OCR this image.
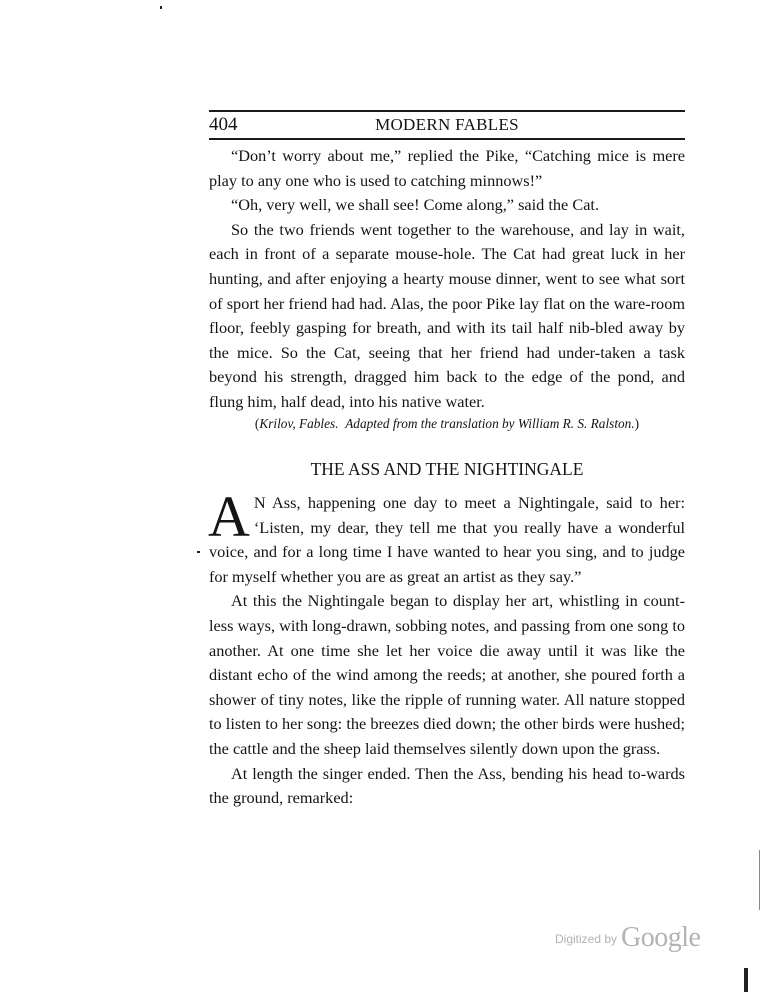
404	MODERN FABLES

“Don’t worry about me,” replied the Pike, “Catching mice is mere play to any one who is used to catching minnows!”

“Oh, very well, we shall see! Come along,” said the Cat.

So the two friends went together to the warehouse, and lay in wait, each in front of a separate mouse-hole. The Cat had great luck in her hunting, and after enjoying a hearty mouse dinner, went to see what sort of sport her friend had had. Alas, the poor Pike lay flat on the ware-room floor, feebly gasping for breath, and with its tail half nib-bled away by the mice. So the Cat, seeing that her friend had under-taken a task beyond his strength, dragged him back to the edge of the pond, and flung him, half dead, into his native water.

(Krilov, Fables. Adapted from the translation by William R. S. Ralston.)
THE ASS AND THE NIGHTINGALE

A N Ass, happening one day to meet a Nightingale, said to her: ‘Listen, my dear, they tell me that you really have a wonderful voice, and for a long time I have wanted to hear you sing, and to judge for myself whether you are as great an artist as they say.”

At this the Nightingale began to display her art, whistling in count-less ways, with long-drawn, sobbing notes, and passing from one song to another. At one time she let her voice die away until it was like the distant echo of the wind among the reeds; at another, she poured forth a shower of tiny notes, like the ripple of running water. All nature stopped to listen to her song: the breezes died down; the other birds were hushed; the cattle and the sheep laid themselves silently down upon the grass.

At length the singer ended. Then the Ass, bending his head to-wards the ground, remarked:

Digitized by Google
